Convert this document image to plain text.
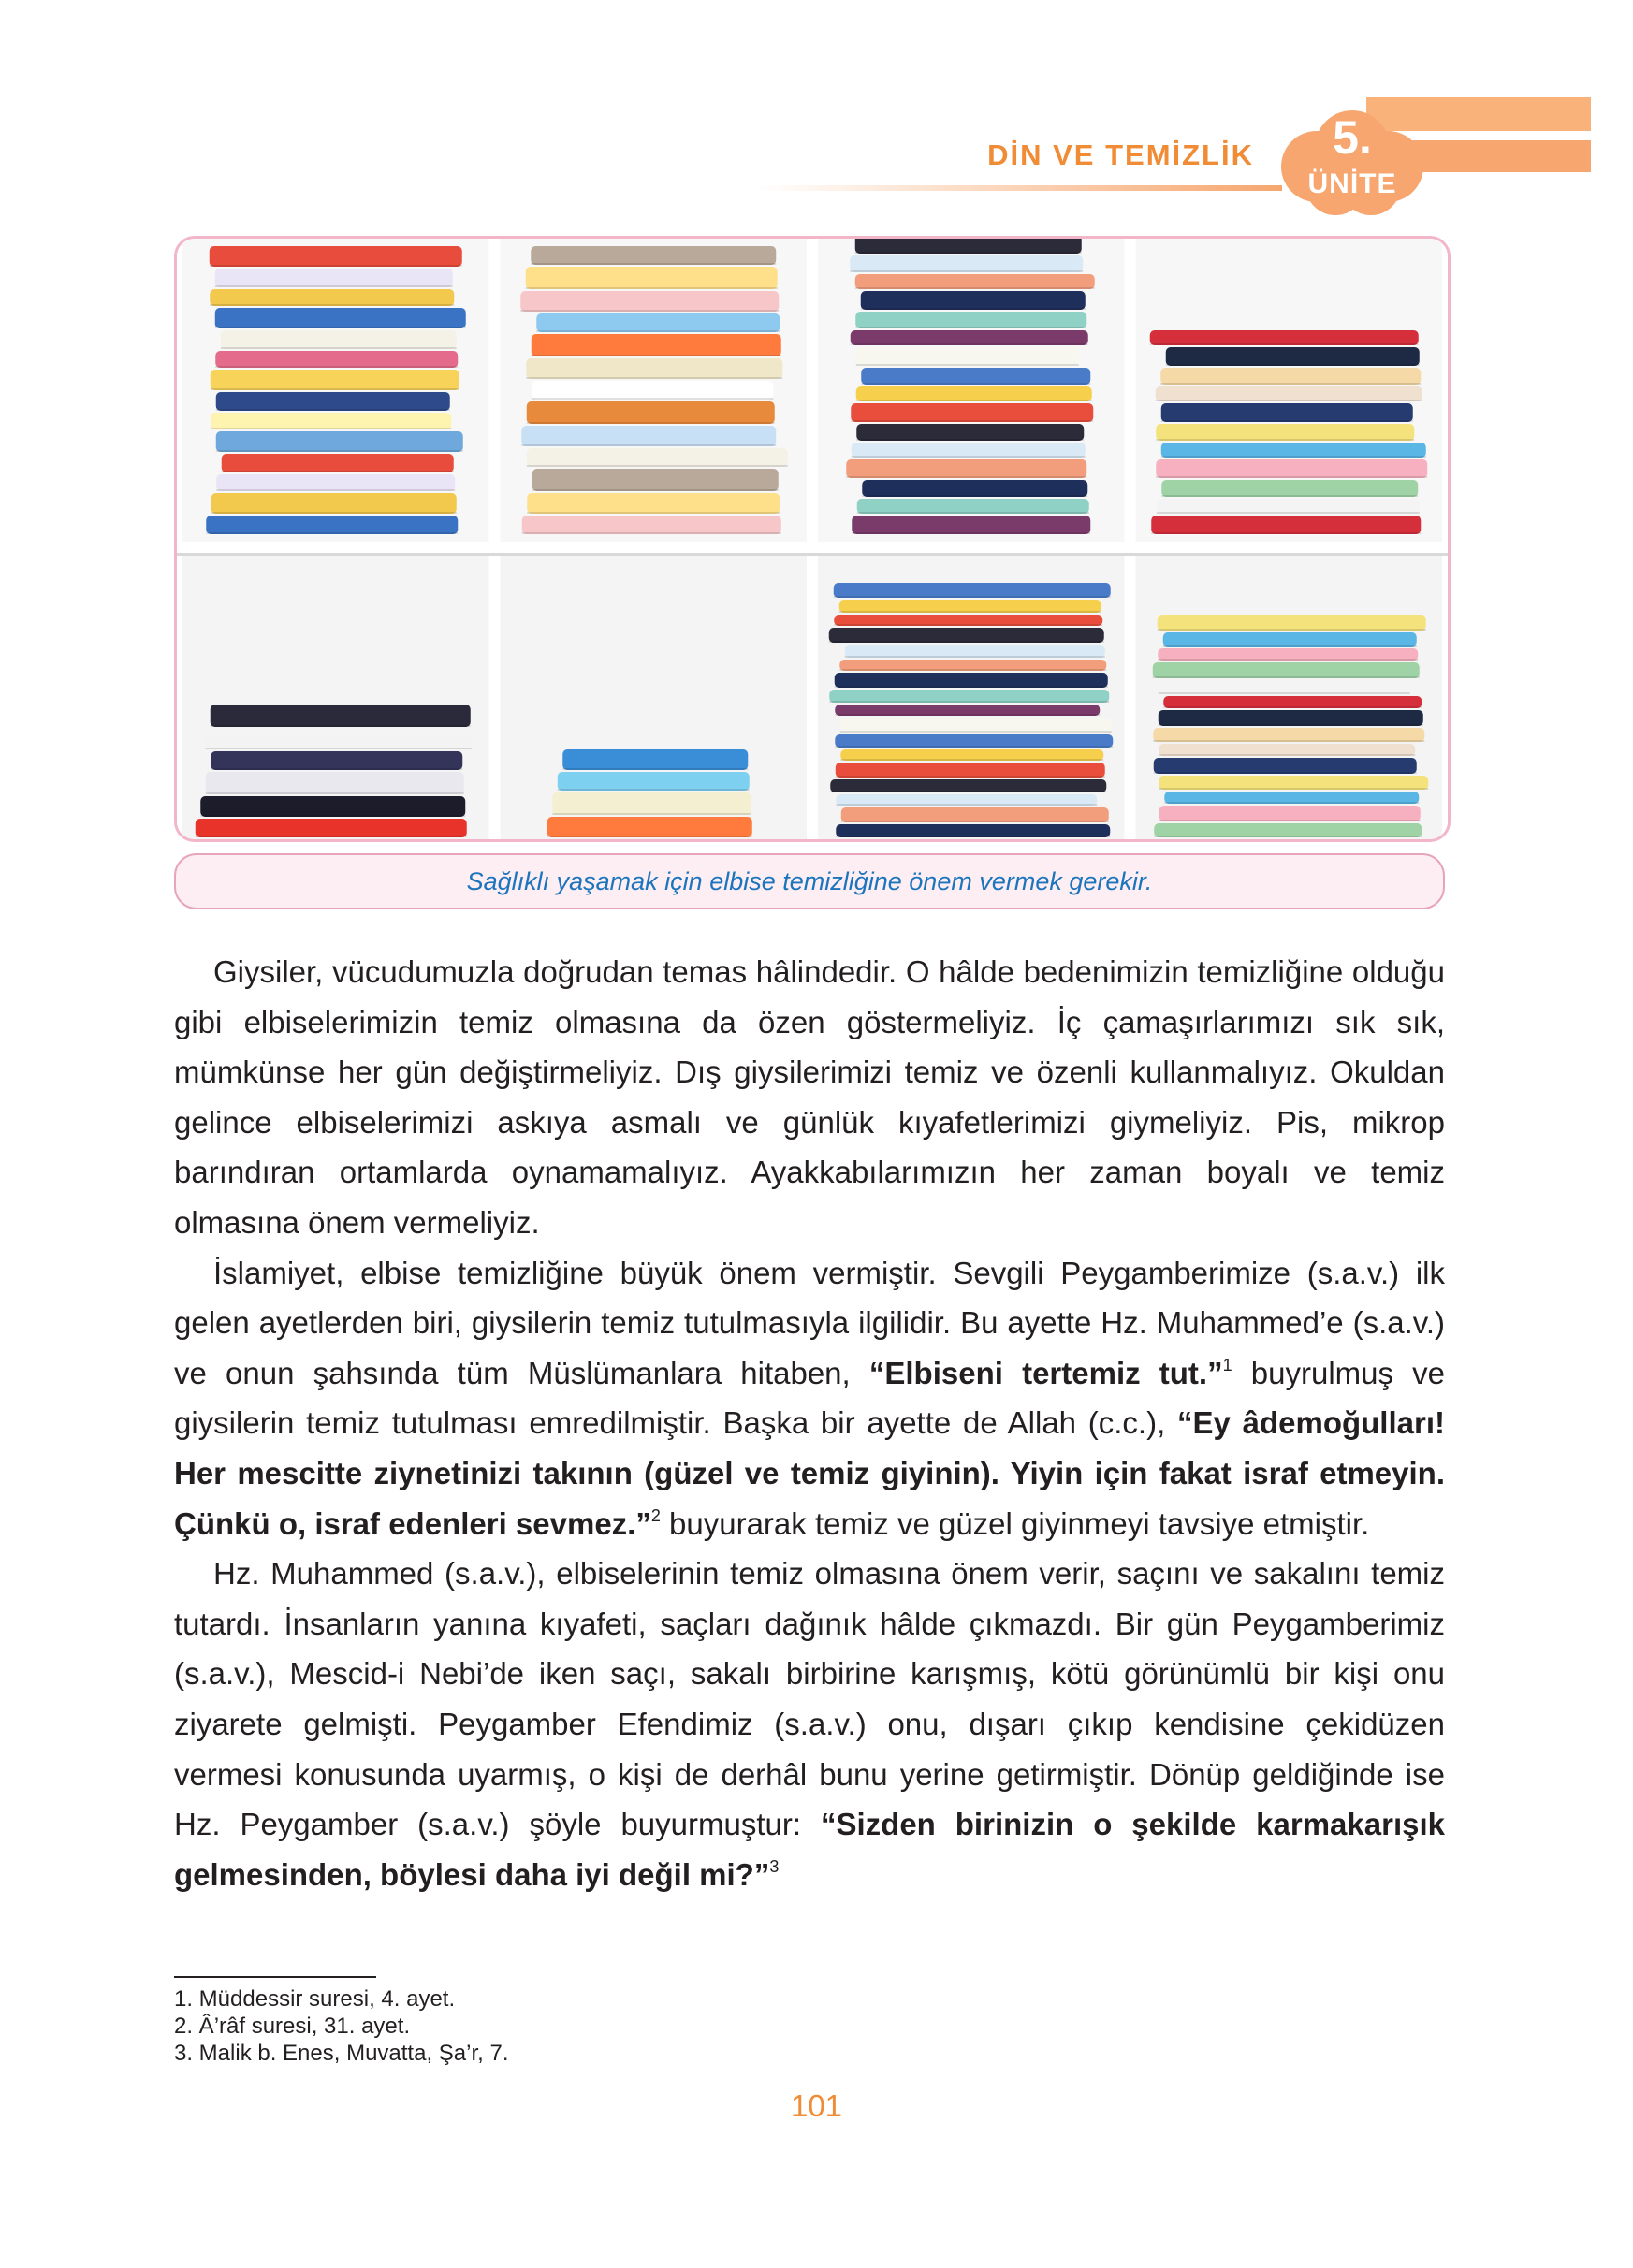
DİN VE TEMİZLİK	5.
ÜNİTE
Sağlıklı yaşamak için elbise temizliğine önem vermek gerekir.

Giysiler, vücudumuzla doğrudan temas hâlindedir. O hâlde bedenimizin temizliğine olduğu gibi elbiselerimizin temiz olmasına da özen göstermeliyiz. İç çamaşırlarımızı sık sık, mümkünse her gün değiştirmeliyiz. Dış giysilerimizi temiz ve özenli kullanmalıyız. Okuldan gelince elbiselerimizi askıya asmalı ve günlük kıyafetlerimizi giymeliyiz. Pis, mikrop barındıran ortamlarda oynamamalıyız. Ayakkabılarımızın her zaman boyalı ve temiz olmasına önem vermeliyiz.

İslamiyet, elbise temizliğine büyük önem vermiştir. Sevgili Peygamberimize (s.a.v.) ilk gelen ayetlerden biri, giysilerin temiz tutulmasıyla ilgilidir. Bu ayette Hz. Muhammed’e (s.a.v.) ve onun şahsında tüm Müslümanlara hitaben, “Elbiseni tertemiz tut.”$^1$ buyrulmuş ve giysilerin temiz tutulması emredilmiştir. Başka bir ayette de Allah (c.c.), “Ey âdemoğulları! Her mescitte ziynetinizi takının (güzel ve temiz giyinin). Yiyin için fakat israf etmeyin. Çünkü o, israf edenleri sevmez.”$^2$ buyurarak temiz ve güzel giyinmeyi tavsiye etmiştir.

Hz. Muhammed (s.a.v.), elbiselerinin temiz olmasına önem verir, saçını ve sakalını temiz tutardı. İnsanların yanına kıyafeti, saçları dağınık hâlde çıkmazdı. Bir gün Peygamberimiz (s.a.v.), Mescid-i Nebi’de iken saçı, sakalı birbirine karışmış, kötü görünümlü bir kişi onu ziyarete gelmişti. Peygamber Efendimiz (s.a.v.) onu, dışarı çıkıp kendisine çekidüzen vermesi konusunda uyarmış, o kişi de derhâl bunu yerine getirmiştir. Dönüp geldiğinde ise Hz. Peygamber (s.a.v.) şöyle buyurmuştur: “Sizden birinizin o şekilde karmakarışık gelmesinden, böylesi daha iyi değil mi?”$^3$

1. Müddessir suresi, 4. ayet.
2. Â’râf suresi, 31. ayet.
3. Malik b. Enes, Muvatta, Şa’r, 7.
101
